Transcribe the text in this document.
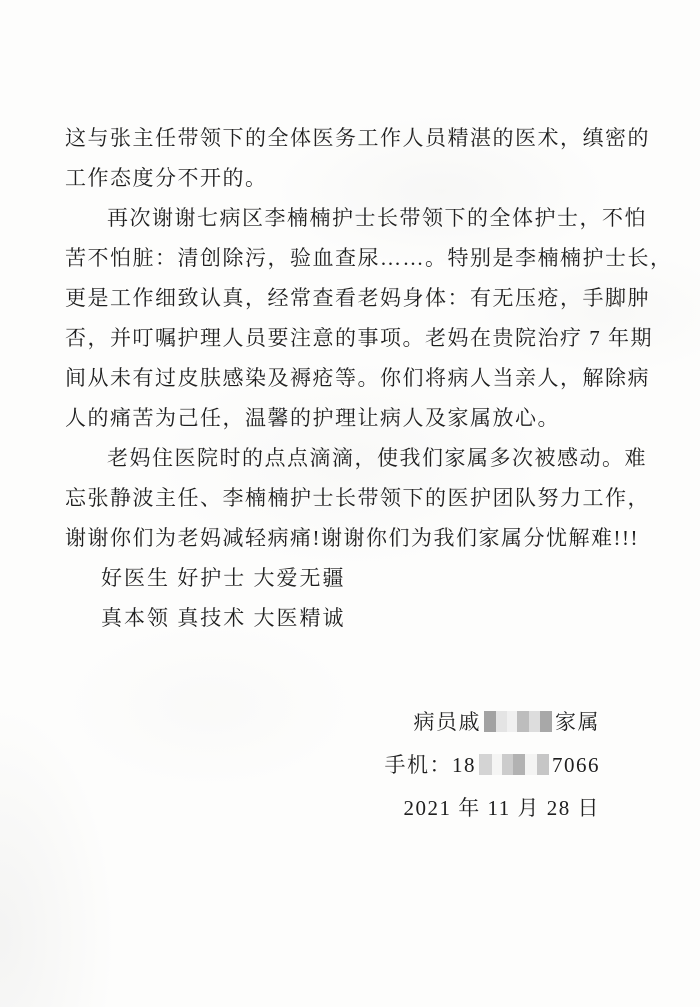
这与张主任带领下的全体医务工作人员精湛的医术，缜密的
工作态度分不开的。
再次谢谢七病区李楠楠护士长带领下的全体护士，不怕
苦不怕脏：清创除污，验血查尿……。特别是李楠楠护士长，
更是工作细致认真，经常查看老妈身体：有无压疮，手脚肿
否，并叮嘱护理人员要注意的事项。老妈在贵院治疗 7 年期
间从未有过皮肤感染及褥疮等。你们将病人当亲人，解除病
人的痛苦为己任，温馨的护理让病人及家属放心。
老妈住医院时的点点滴滴，使我们家属多次被感动。难
忘张静波主任、李楠楠护士长带领下的医护团队努力工作，
谢谢你们为老妈减轻病痛!谢谢你们为我们家属分忧解难!!!
好医生 好护士 大爱无疆
真本领 真技术 大医精诚
病员戚	家属
手机：18	7066
2021 年 11 月 28 日
